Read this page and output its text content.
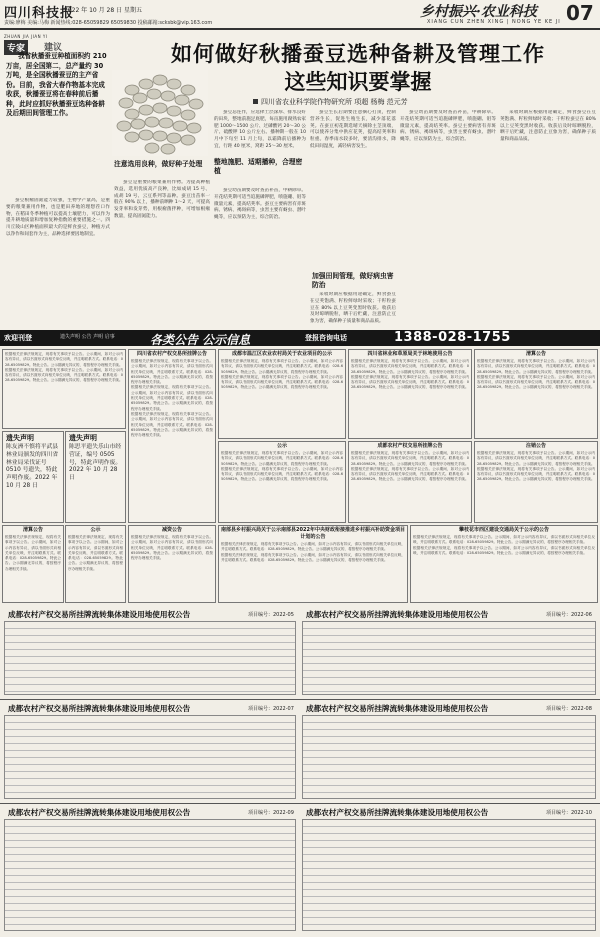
四川科技报
2022 年 10 月 28 日 星期五
责编:廖梅 美编:马梅 新闻热线:028-65059829 65059830 投稿邮箱:scksbk@vip.163.com
乡村振兴·农业科技
XIANG CUN ZHEN XING | NONG YE KE JI 07
ZHUAN JIA JIAN YI
专家	建议	如何做好秋播蚕豆选种备耕及管理工作
这些知识要掌握
四川省农业科学院作物研究所 项超 杨梅 范元芳
我省秋播蚕豆种植面积约 210 万亩，居全国第二，总产量约 30 万吨，是全国秋播蚕豆的主产省份。目前，我省大春作物基本完成收获，秋播蚕豆将在春种前后播种，此时应抓好秋播蚕豆选种备耕及后期田间管理工作。
蚕豆根瘤固氮能力较强，生物学产量高，是重要的粮菜兼用作物，也是肥田养地的理想茬口作物，在稻田冬季种植可以提高土壤肥力，可以作为提升耕地质量和增加复种指数的重要措施之一。四川丘陵山区种植面积最大的是鲜食蚕豆，种植方式以净作和间套作为主，品种选择要因地制宜。
注意选用良种，做好种子处理
蚕豆是重要的粮菜兼用作物。为提高种植效益，选用优质高产良种，比如成胡 15 号、成胡 19 号、云豆系列等品种。蚕豆出苗率一般在 90% 以上，播种前晒种 1～2 天，可提高发芽率和发芽势，用根瘤菌拌种，可增加根瘤数量，提高固氮能力。
整地施肥、适期播种，合理密植
蚕豆忌连作，应选择土层深厚、排水良好的田块，整地前施足底肥，每亩施用腐熟农家肥 1000～1500 公斤、过磷酸钙 20～30 公斤、硫酸钾 10 公斤左右。播种期一般在 10 月中下旬至 11 月上旬，以霜降前后播种为宜，行距 40 厘米，窝距 25～30 厘米。
蚕豆幼苗期要及时查苗补苗，中耕除草。开花结荚期可适当追施磷钾肥，喷施硼、钼等微量元素，提高结荚率。蚕豆主要病害有赤斑病、锈病、褐斑病等，虫害主要有蚜虫、潜叶蝇等，应以预防为主，综合防治。
蚕豆生长后期要注意摘心打顶，控制营养生长，促进生殖生长，减少落花落荚。在蚕豆初花期选晴天摘除主茎顶端，可以使养分集中供应花荚，提高结荚率和粒重。春季雨水较多时，要清沟排水，降低田间湿度，减轻病害发生。
加强田间管理，做好病虫害防治
采收时期应根据用途确定，鲜食蚕豆在豆荚饱满、籽粒鲜绿时采收；干籽粒蚕豆在 80% 以上豆荚变黑时收获。收获后及时晾晒脱粒，晒干后贮藏，注意防止豆象为害，确保种子质量和商品品质。
蚕豆幼苗期要及时查苗补苗，中耕除草。开花结荚期可适当追施磷钾肥，喷施硼、钼等微量元素，提高结荚率。蚕豆主要病害有赤斑病、锈病、褐斑病等，虫害主要有蚜虫、潜叶蝇等，应以预防为主，综合防治。
采收时期应根据用途确定，鲜食蚕豆在豆荚饱满、籽粒鲜绿时采收；干籽粒蚕豆在 80% 以上豆荚变黑时收获。收获后及时晾晒脱粒，晒干后贮藏，注意防止豆象为害，确保种子质量和商品品质。
欢迎刊登	遗失声明 公告 声明 启事	各类公告 公示信息	登报咨询电话	1388-028-1755
根据相关法律法规规定，现将有关事项予以公告。公示期间，如对公示内容有异议，请以书面形式向相关单位反映，并注明联系方式。联系电话：028-65059829。特此公告。公示期满无异议的，将按程序办理相关手续。
根据相关法律法规规定，现将有关事项予以公告。公示期间，如对公示内容有异议，请以书面形式向相关单位反映，并注明联系方式。联系电话：028-65059829。特此公告。公示期满无异议的，将按程序办理相关手续。
遗失声明
陈友洲不慎将平武县林业局颁发的四川省林业局采伐证号 0510 号遗失，特此声明作废。2022 年 10 月 28 日
遗失声明
陈思平遗失乐山市经营证，编号 0505 号，特此声明作废。2022 年 10 月 28 日
四川省农村产权交易所挂牌公告
根据相关法律法规规定，现将有关事项予以公告。公示期间，如对公示内容有异议，请以书面形式向相关单位反映，并注明联系方式。联系电话：028-65059829。特此公告。公示期满无异议的，将按程序办理相关手续。
根据相关法律法规规定，现将有关事项予以公告。公示期间，如对公示内容有异议，请以书面形式向相关单位反映，并注明联系方式。联系电话：028-65059829。特此公告。公示期满无异议的，将按程序办理相关手续。
根据相关法律法规规定，现将有关事项予以公告。公示期间，如对公示内容有异议，请以书面形式向相关单位反映，并注明联系方式。联系电话：028-65059829。特此公告。公示期满无异议的，将按程序办理相关手续。
成都市温江区农业农村局关于农业项目的公示
根据相关法律法规规定，现将有关事项予以公告。公示期间，如对公示内容有异议，请以书面形式向相关单位反映，并注明联系方式。联系电话：028-65059829。特此公告。公示期满无异议的，将按程序办理相关手续。
根据相关法律法规规定，现将有关事项予以公告。公示期间，如对公示内容有异议，请以书面形式向相关单位反映，并注明联系方式。联系电话：028-65059829。特此公告。公示期满无异议的，将按程序办理相关手续。
四川省林业和草原局关于林地使用公告
根据相关法律法规规定，现将有关事项予以公告。公示期间，如对公示内容有异议，请以书面形式向相关单位反映，并注明联系方式。联系电话：028-65059829。特此公告。公示期满无异议的，将按程序办理相关手续。
根据相关法律法规规定，现将有关事项予以公告。公示期间，如对公示内容有异议，请以书面形式向相关单位反映，并注明联系方式。联系电话：028-65059829。特此公告。公示期满无异议的，将按程序办理相关手续。
清算公告
根据相关法律法规规定，现将有关事项予以公告。公示期间，如对公示内容有异议，请以书面形式向相关单位反映，并注明联系方式。联系电话：028-65059829。特此公告。公示期满无异议的，将按程序办理相关手续。
根据相关法律法规规定，现将有关事项予以公告。公示期间，如对公示内容有异议，请以书面形式向相关单位反映，并注明联系方式。联系电话：028-65059829。特此公告。公示期满无异议的，将按程序办理相关手续。
公示
根据相关法律法规规定，现将有关事项予以公告。公示期间，如对公示内容有异议，请以书面形式向相关单位反映，并注明联系方式。联系电话：028-65059829。特此公告。公示期满无异议的，将按程序办理相关手续。
根据相关法律法规规定，现将有关事项予以公告。公示期间，如对公示内容有异议，请以书面形式向相关单位反映，并注明联系方式。联系电话：028-65059829。特此公告。公示期满无异议的，将按程序办理相关手续。
成都农村产权交易所挂牌公告
根据相关法律法规规定，现将有关事项予以公告。公示期间，如对公示内容有异议，请以书面形式向相关单位反映，并注明联系方式。联系电话：028-65059829。特此公告。公示期满无异议的，将按程序办理相关手续。
根据相关法律法规规定，现将有关事项予以公告。公示期间，如对公示内容有异议，请以书面形式向相关单位反映，并注明联系方式。联系电话：028-65059829。特此公告。公示期满无异议的，将按程序办理相关手续。
注销公告
根据相关法律法规规定，现将有关事项予以公告。公示期间，如对公示内容有异议，请以书面形式向相关单位反映，并注明联系方式。联系电话：028-65059829。特此公告。公示期满无异议的，将按程序办理相关手续。
根据相关法律法规规定，现将有关事项予以公告。公示期间，如对公示内容有异议，请以书面形式向相关单位反映，并注明联系方式。联系电话：028-65059829。特此公告。公示期满无异议的，将按程序办理相关手续。
清算公告
根据相关法律法规规定，现将有关事项予以公告。公示期间，如对公示内容有异议，请以书面形式向相关单位反映，并注明联系方式。联系电话：028-65059829。特此公告。公示期满无异议的，将按程序办理相关手续。
公示
根据相关法律法规规定，现将有关事项予以公告。公示期间，如对公示内容有异议，请以书面形式向相关单位反映，并注明联系方式。联系电话：028-65059829。特此公告。公示期满无异议的，将按程序办理相关手续。
减资公告
根据相关法律法规规定，现将有关事项予以公告。公示期间，如对公示内容有异议，请以书面形式向相关单位反映，并注明联系方式。联系电话：028-65059829。特此公告。公示期满无异议的，将按程序办理相关手续。
南部县乡村振兴局关于公示南部县2022年中央财政衔接推进乡村振兴补助资金项目计划的公告
根据相关法律法规规定，现将有关事项予以公告。公示期间，如对公示内容有异议，请以书面形式向相关单位反映，并注明联系方式。联系电话：028-65059829。特此公告。公示期满无异议的，将按程序办理相关手续。
根据相关法律法规规定，现将有关事项予以公告。公示期间，如对公示内容有异议，请以书面形式向相关单位反映，并注明联系方式。联系电话：028-65059829。特此公告。公示期满无异议的，将按程序办理相关手续。
攀枝花市西区建设交通局关于公示的公告
根据相关法律法规规定，现将有关事项予以公告。公示期间，如对公示内容有异议，请以书面形式向相关单位反映，并注明联系方式。联系电话：028-65059829。特此公告。公示期满无异议的，将按程序办理相关手续。
根据相关法律法规规定，现将有关事项予以公告。公示期间，如对公示内容有异议，请以书面形式向相关单位反映，并注明联系方式。联系电话：028-65059829。特此公告。公示期满无异议的，将按程序办理相关手续。
成都农村产权交易所挂牌流转集体建设用地使用权公告	项目编号：2022-05 成都农村产权交易所挂牌流转集体建设用地使用权公告	项目编号：2022-06
成都农村产权交易所挂牌流转集体建设用地使用权公告	项目编号：2022-07 成都农村产权交易所挂牌流转集体建设用地使用权公告	项目编号：2022-08
成都农村产权交易所挂牌流转集体建设用地使用权公告	项目编号：2022-09 成都农村产权交易所挂牌流转集体建设用地使用权公告	项目编号：2022-10
